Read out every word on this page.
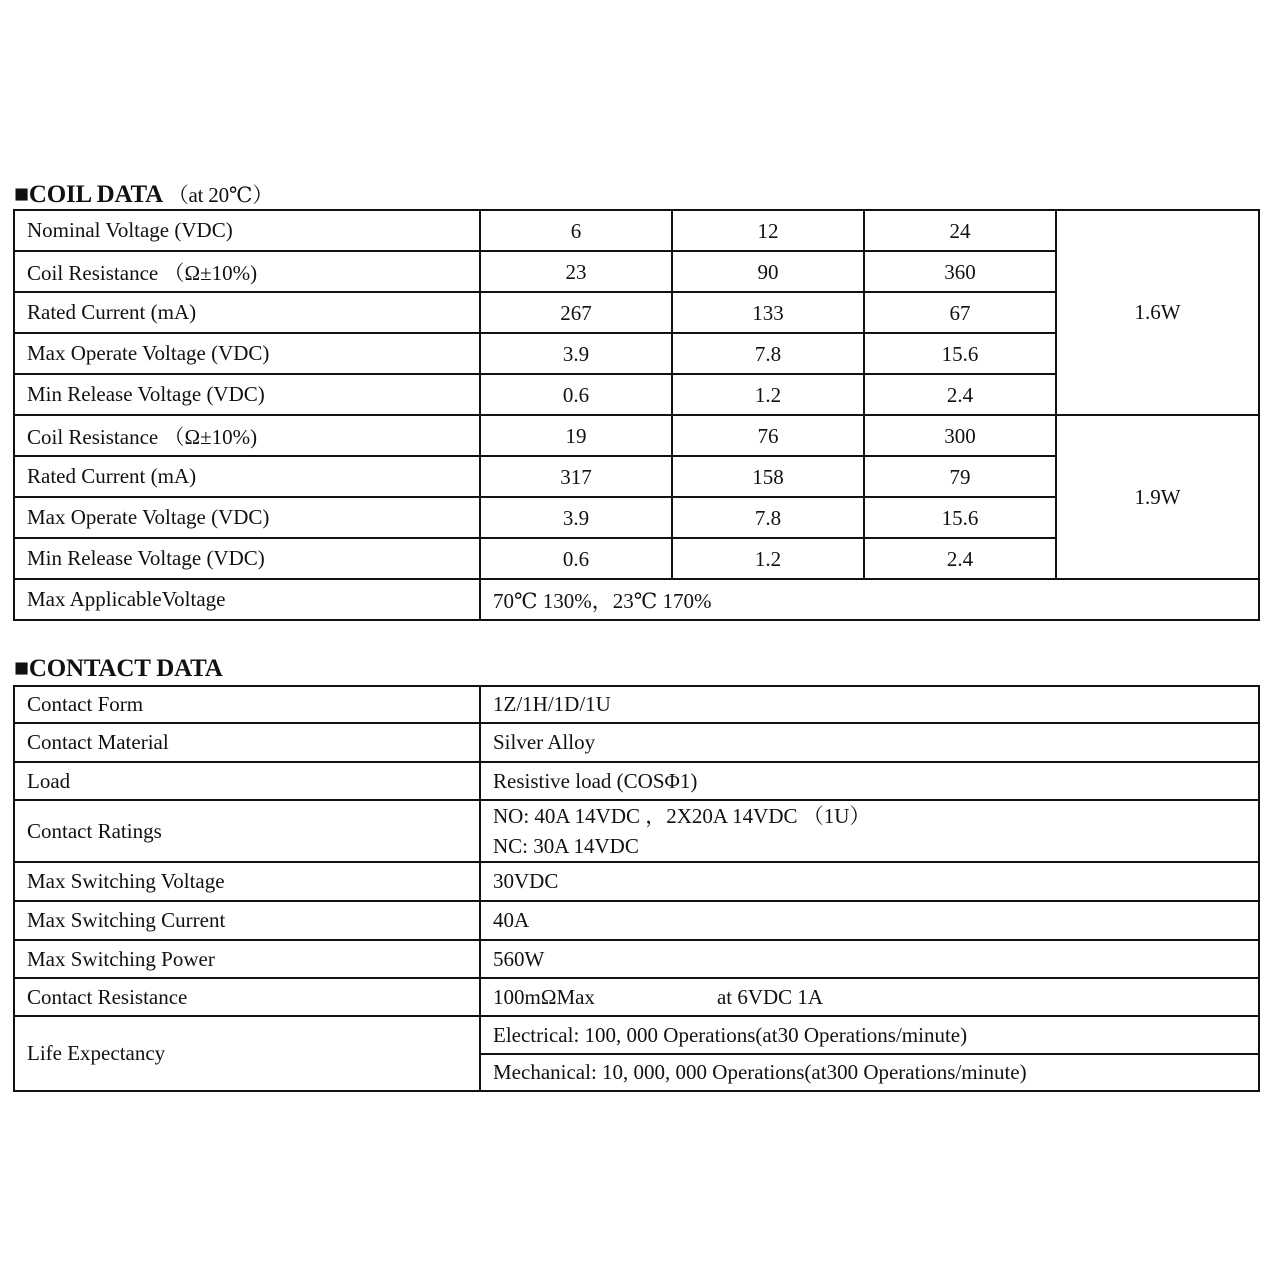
■COIL DATA （at 20℃）
Nominal Voltage (VDC)	6	12	24	1.6W
Coil Resistance （Ω±10%)	23	90	360	
Rated Current (mA)	267	133	67	
Max Operate Voltage (VDC)	3.9	7.8	15.6	
Min Release Voltage (VDC)	0.6	1.2	2.4	
Coil Resistance （Ω±10%)	19	76	300	1.9W
Rated Current (mA)	317	158	79	
Max Operate Voltage (VDC)	3.9	7.8	15.6	
Min Release Voltage (VDC)	0.6	1.2	2.4	
Max ApplicableVoltage	70℃ 130%，23℃ 170%			
■CONTACT DATA
Contact Form	1Z/1H/1D/1U
Contact Material	Silver Alloy
Load	Resistive load (COSΦ1)
Contact Ratings	NO: 40A 14VDC ，2X20A 14VDC （1U）
NC: 30A 14VDC

Max Switching Voltage	30VDC
Max Switching Current	40A
Max Switching Power	560W
Contact Resistance	100mΩMax at 6VDC 1A
Life Expectancy	Electrical: 100, 000 Operations(at30 Operations/minute)
	Mechanical: 10, 000, 000 Operations(at300 Operations/minute)
